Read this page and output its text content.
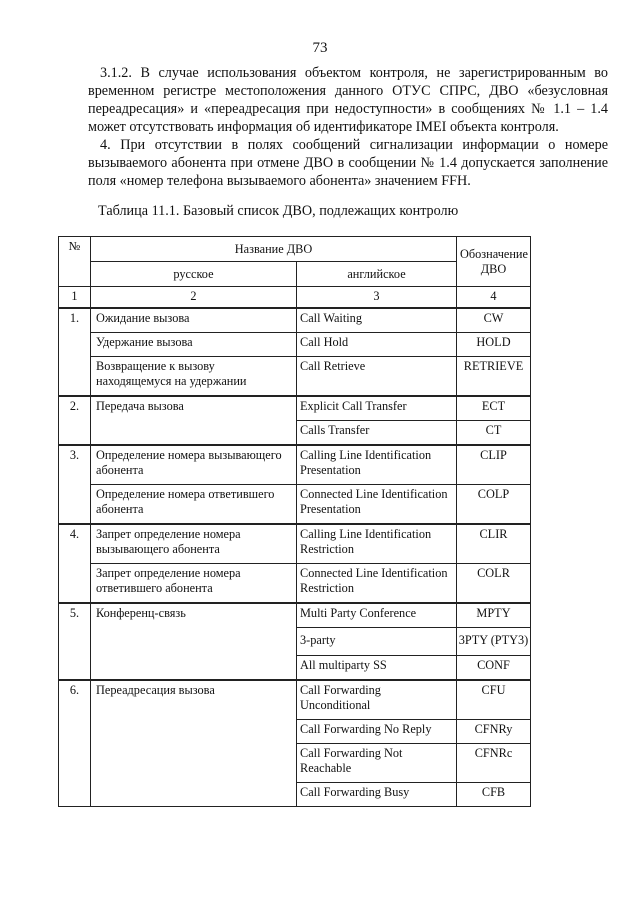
73

3.1.2. В случае использования объектом контроля, не зарегистрированным во временном регистре местоположения данного ОТУС СПРС, ДВО «безусловная переадресация» и «переадресация при недоступности» в сообщениях № 1.1 – 1.4 может отсутствовать информация об идентификаторе IMEI объекта контроля.

4. При отсутствии в полях сообщений сигнализации информации о номере вызываемого абонента при отмене ДВО в сообщении № 1.4 допускается заполнение поля «номер телефона вызываемого абонента» значением FFH.

Таблица 11.1. Базовый список ДВО, подлежащих контролю

№	Название ДВО		Обозначение ДВО
	русское	английское	
1	2	3	4
1.	Ожидание вызова	Call Waiting	CW
	Удержание вызова	Call Hold	HOLD
	Возвращение к вызову находящемуся на удержании	Call Retrieve	RETRIEVE
2.	Передача вызова	Explicit Call Transfer	ECT
		Calls Transfer	CT
3.	Определение номера вызывающего абонента	Calling Line Identification Presentation	CLIP
	Определение номера ответившего абонента	Connected Line Identification Presentation	COLP
4.	Запрет определение номера вызывающего абонента	Calling Line Identification Restriction	CLIR
	Запрет определение номера ответившего абонента	Connected Line Identification Restriction	COLR
5.	Конференц-связь	Multi Party Conference	MPTY
		3-party	3PTY (PTY3)
		All multiparty SS	CONF
6.	Переадресация вызова	Call Forwarding Unconditional	CFU
		Call Forwarding No Reply	CFNRy
		Call Forwarding Not Reachable	CFNRc
		Call Forwarding Busy	CFB
